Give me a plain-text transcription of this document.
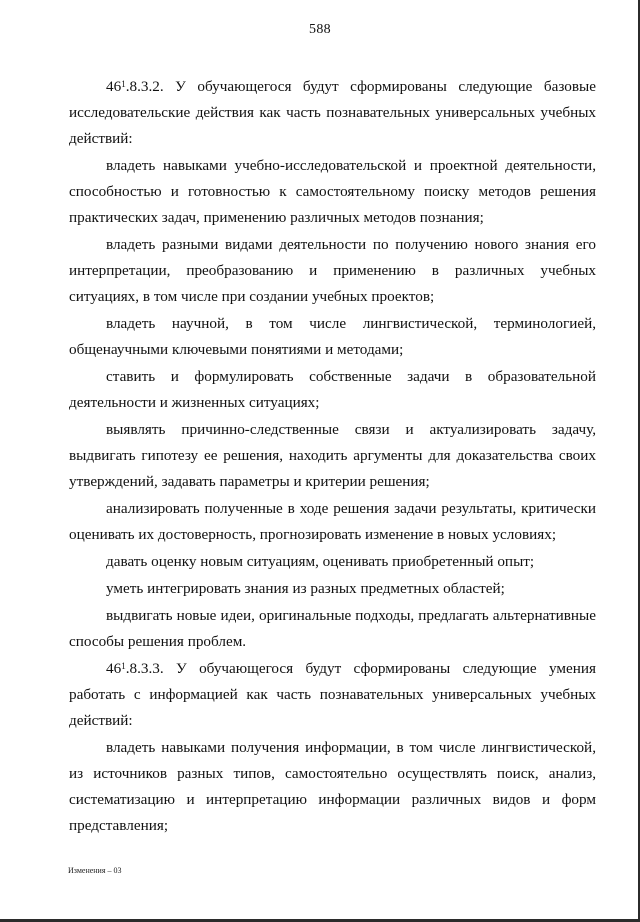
588

$46^1.8.3.2$. У обучающегося будут сформированы следующие базовые исследовательские действия как часть познавательных универсальных учебных действий:

владеть навыками учебно-исследовательской и проектной деятельности, способностью и готовностью к самостоятельному поиску методов решения практических задач, применению различных методов познания;

владеть разными видами деятельности по получению нового знания его интерпретации, преобразованию и применению в различных учебных ситуациях, в том числе при создании учебных проектов;

владеть научной, в том числе лингвистической, терминологией, общенаучными ключевыми понятиями и методами;

ставить и формулировать собственные задачи в образовательной деятельности и жизненных ситуациях;

выявлять причинно-следственные связи и актуализировать задачу, выдвигать гипотезу ее решения, находить аргументы для доказательства своих утверждений, задавать параметры и критерии решения;

анализировать полученные в ходе решения задачи результаты, критически оценивать их достоверность, прогнозировать изменение в новых условиях;

давать оценку новым ситуациям, оценивать приобретенный опыт;

уметь интегрировать знания из разных предметных областей;

выдвигать новые идеи, оригинальные подходы, предлагать альтернативные способы решения проблем.

$46^1.8.3.3$. У обучающегося будут сформированы следующие умения работать с информацией как часть познавательных универсальных учебных действий:

владеть навыками получения информации, в том числе лингвистической, из источников разных типов, самостоятельно осуществлять поиск, анализ, систематизацию и интерпретацию информации различных видов и форм представления;

Изменения – 03
